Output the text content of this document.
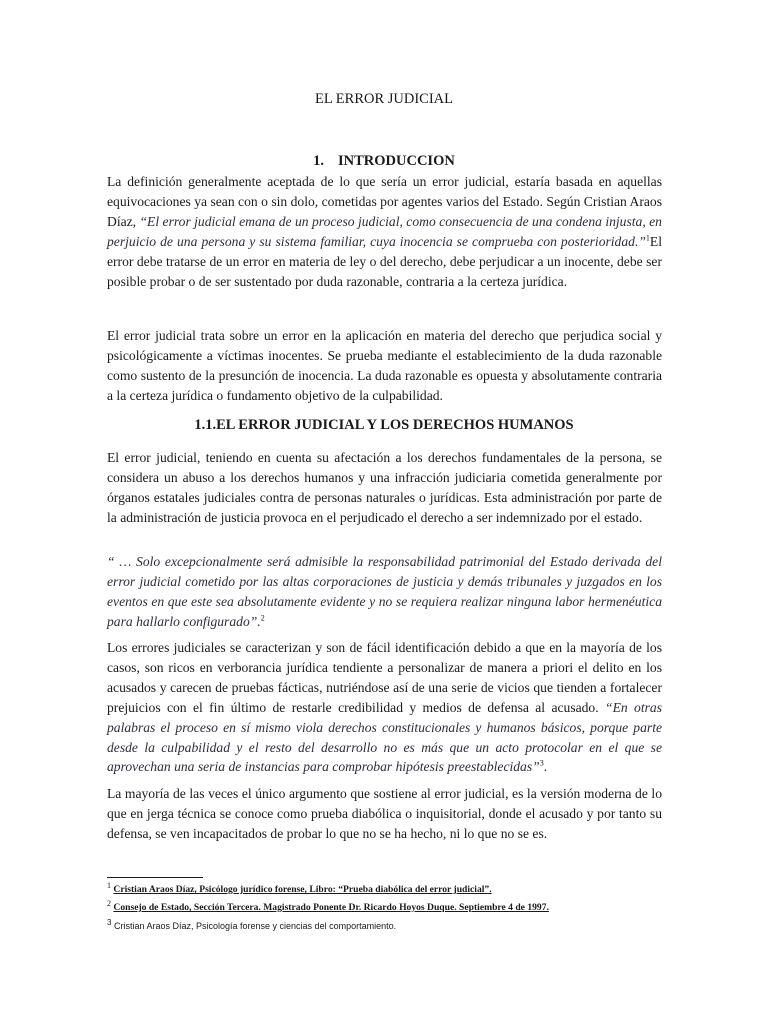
EL ERROR JUDICIAL
1. INTRODUCCION

La definición generalmente aceptada de lo que sería un error judicial, estaría basada en aquellas equivocaciones ya sean con o sin dolo, cometidas por agentes varios del Estado. Según Cristian Araos Díaz, “El error judicial emana de un proceso judicial, como consecuencia de una condena injusta, en perjuicio de una persona y su sistema familiar, cuya inocencia se comprueba con posterioridad.”$^1$El error debe tratarse de un error en materia de ley o del derecho, debe perjudicar a un inocente, debe ser posible probar o de ser sustentado por duda razonable, contraria a la certeza jurídica.

El error judicial trata sobre un error en la aplicación en materia del derecho que perjudica social y psicológicamente a víctimas inocentes. Se prueba mediante el establecimiento de la duda razonable como sustento de la presunción de inocencia. La duda razonable es opuesta y absolutamente contraria a la certeza jurídica o fundamento objetivo de la culpabilidad.

1.1.EL ERROR JUDICIAL Y LOS DERECHOS HUMANOS

El error judicial, teniendo en cuenta su afectación a los derechos fundamentales de la persona, se considera un abuso a los derechos humanos y una infracción judiciaria cometida generalmente por órganos estatales judiciales contra de personas naturales o jurídicas. Esta administración por parte de la administración de justicia provoca en el perjudicado el derecho a ser indemnizado por el estado.

“ … Solo excepcionalmente será admisible la responsabilidad patrimonial del Estado derivada del error judicial cometido por las altas corporaciones de justicia y demás tribunales y juzgados en los eventos en que este sea absolutamente evidente y no se requiera realizar ninguna labor hermenéutica para hallarlo configurado”.$^2$

Los errores judiciales se caracterizan y son de fácil identificación debido a que en la mayoría de los casos, son ricos en verborancia jurídica tendiente a personalizar de manera a priori el delito en los acusados y carecen de pruebas fácticas, nutriéndose así de una serie de vicios que tienden a fortalecer prejuicios con el fin último de restarle credibilidad y medios de defensa al acusado. “En otras palabras el proceso en sí mismo viola derechos constitucionales y humanos básicos, porque parte desde la culpabilidad y el resto del desarrollo no es más que un acto protocolar en el que se aprovechan una seria de instancias para comprobar hipótesis preestablecidas”$^3$.

La mayoría de las veces el único argumento que sostiene al error judicial, es la versión moderna de lo que en jerga técnica se conoce como prueba diabólica o inquisitorial, donde el acusado y por tanto su defensa, se ven incapacitados de probar lo que no se ha hecho, ni lo que no se es.

$^1$ Cristian Araos Díaz, Psicólogo jurídico forense, Libro: “Prueba diabólica del error judicial”.
$^2$ Consejo de Estado, Sección Tercera. Magistrado Ponente Dr. Ricardo Hoyos Duque. Septiembre 4 de 1997.
$^3$ Cristian Araos Díaz, Psicología forense y ciencias del comportamiento.
